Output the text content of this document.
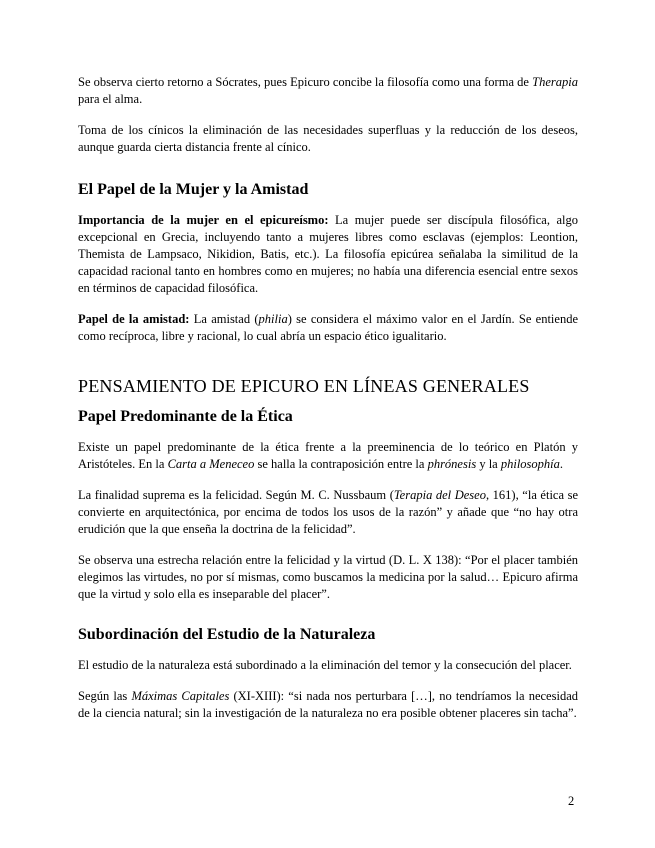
Se observa cierto retorno a Sócrates, pues Epicuro concibe la filosofía como una forma de Therapia para el alma.

Toma de los cínicos la eliminación de las necesidades superfluas y la reducción de los deseos, aunque guarda cierta distancia frente al cínico.

El Papel de la Mujer y la Amistad

Importancia de la mujer en el epicureísmo: La mujer puede ser discípula filosófica, algo excepcional en Grecia, incluyendo tanto a mujeres libres como esclavas (ejemplos: Leontion, Themista de Lampsaco, Nikidion, Batis, etc.). La filosofía epicúrea señalaba la similitud de la capacidad racional tanto en hombres como en mujeres; no había una diferencia esencial entre sexos en términos de capacidad filosófica.

Papel de la amistad: La amistad (philia) se considera el máximo valor en el Jardín. Se entiende como recíproca, libre y racional, lo cual abría un espacio ético igualitario.

PENSAMIENTO DE EPICURO EN LÍNEAS GENERALES
Papel Predominante de la Ética

Existe un papel predominante de la ética frente a la preeminencia de lo teórico en Platón y Aristóteles. En la Carta a Meneceo se halla la contraposición entre la phrónesis y la philosophía.

La finalidad suprema es la felicidad. Según M. C. Nussbaum (Terapia del Deseo, 161), “la ética se convierte en arquitectónica, por encima de todos los usos de la razón” y añade que “no hay otra erudición que la que enseña la doctrina de la felicidad”.

Se observa una estrecha relación entre la felicidad y la virtud (D. L. X 138): “Por el placer también elegimos las virtudes, no por sí mismas, como buscamos la medicina por la salud… Epicuro afirma que la virtud y solo ella es inseparable del placer”.

Subordinación del Estudio de la Naturaleza

El estudio de la naturaleza está subordinado a la eliminación del temor y la consecución del placer.

Según las Máximas Capitales (XI-XIII): “si nada nos perturbara […], no tendríamos la necesidad de la ciencia natural; sin la investigación de la naturaleza no era posible obtener placeres sin tacha”.

2
